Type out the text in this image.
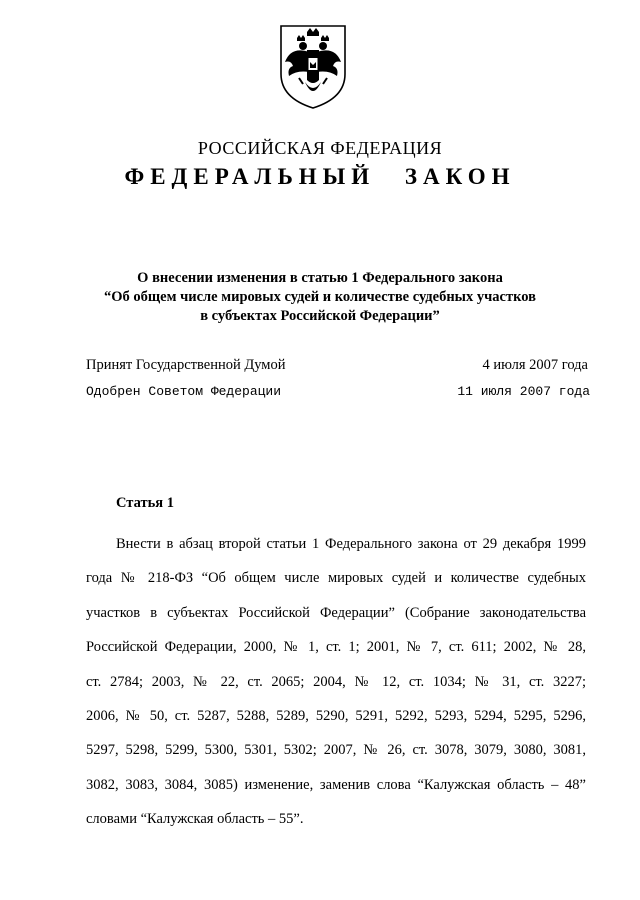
РОССИЙСКАЯ ФЕДЕРАЦИЯ
ФЕДЕРАЛЬНЫЙ ЗАКОН
О внесении изменения в статью 1 Федерального закона
“Об общем числе мировых судей и количестве судебных участков
в субъектах Российской Федерации”
Принят Государственной Думой	4 июля 2007 года
Одобрен Советом Федерации	11 июля 2007 года
Статья 1
Внести в абзац второй статьи 1 Федерального закона от 29 декабря 1999
года № 218-ФЗ “Об общем числе мировых судей и количестве судебных
участков в субъектах Российской Федерации” (Собрание законодательства
Российской Федерации, 2000, № 1, ст. 1; 2001, № 7, ст. 611; 2002, № 28,
ст. 2784; 2003, № 22, ст. 2065; 2004, № 12, ст. 1034; № 31, ст. 3227;
2006, № 50, ст. 5287, 5288, 5289, 5290, 5291, 5292, 5293, 5294, 5295, 5296,
5297, 5298, 5299, 5300, 5301, 5302; 2007, № 26, ст. 3078, 3079, 3080, 3081,
3082, 3083, 3084, 3085) изменение, заменив слова “Калужская область – 48”
словами “Калужская область – 55”.
